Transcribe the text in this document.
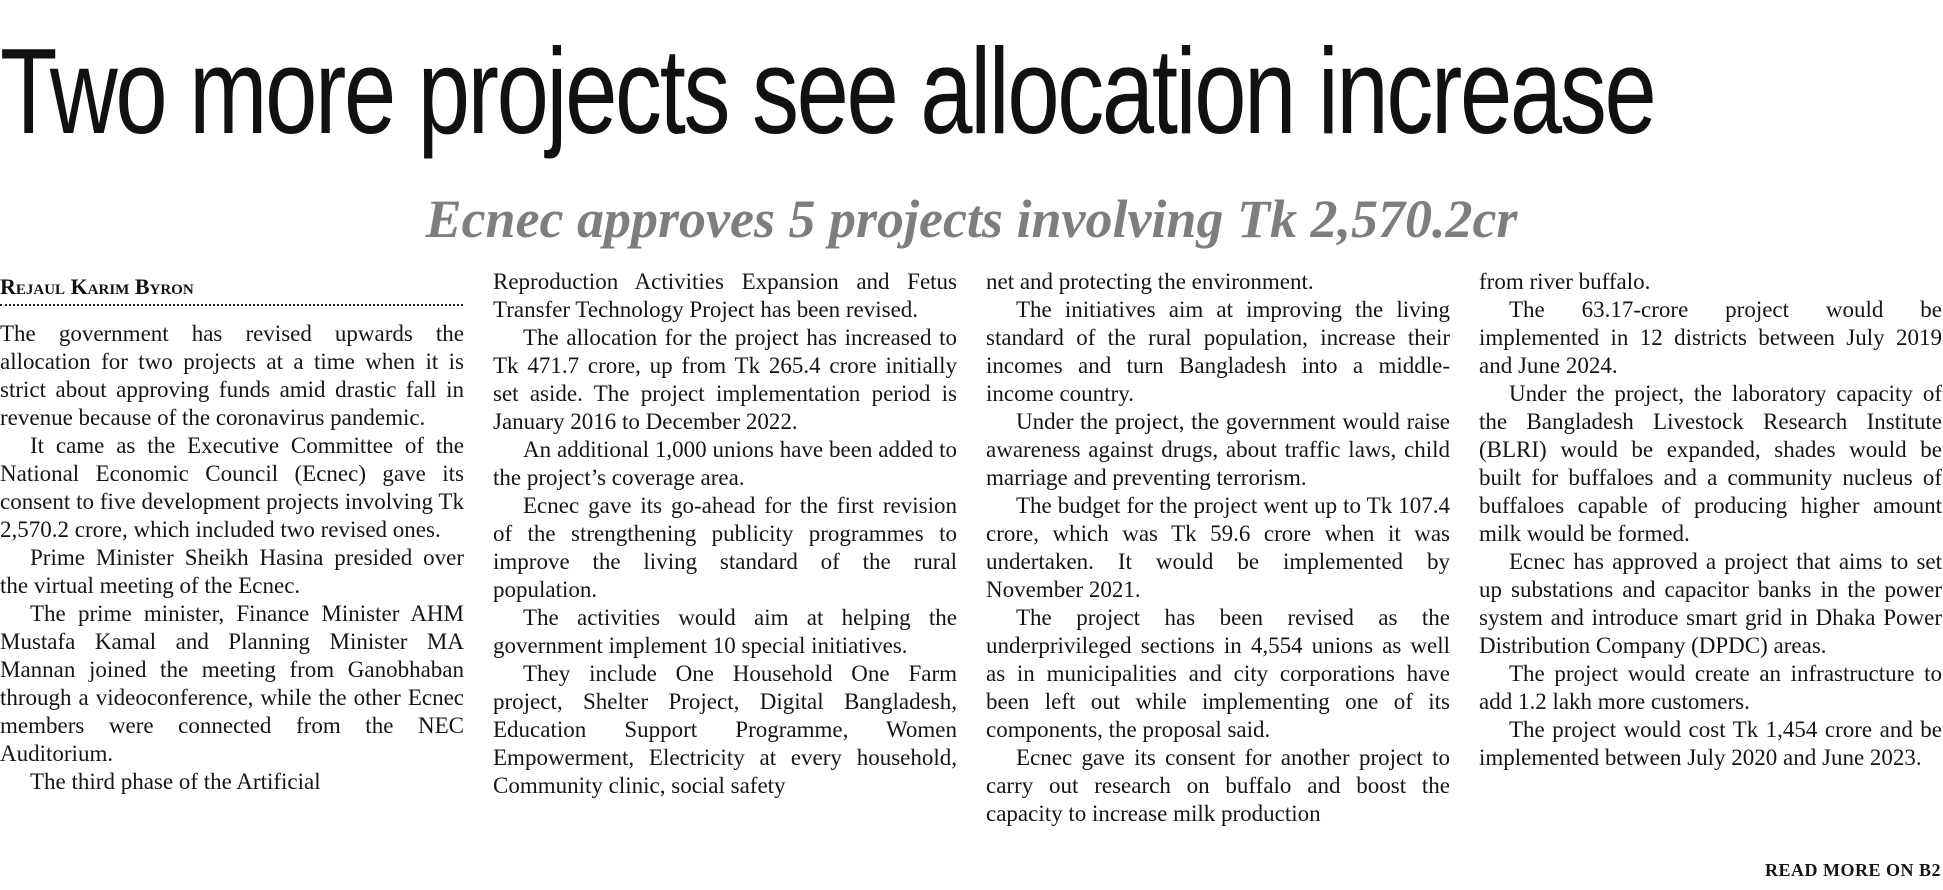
Two more projects see allocation increase
Ecnec approves 5 projects involving Tk 2,570.2cr
Rejaul Karim Byron

The government has revised upwards the allocation for two projects at a time when it is strict about approving funds amid drastic fall in revenue because of the coronavirus pandemic.

It came as the Executive Committee of the National Economic Council (Ecnec) gave its consent to five development projects involving Tk 2,570.2 crore, which included two revised ones.

Prime Minister Sheikh Hasina presided over the virtual meeting of the Ecnec.

The prime minister, Finance Minister AHM Mustafa Kamal and Planning Minister MA Mannan joined the meeting from Ganobhaban through a videoconference, while the other Ecnec members were connected from the NEC Auditorium.

The third phase of the Artificial

Reproduction Activities Expansion and Fetus Transfer Technology Project has been revised.

The allocation for the project has increased to Tk 471.7 crore, up from Tk 265.4 crore initially set aside. The project implementation period is January 2016 to December 2022.

An additional 1,000 unions have been added to the project’s coverage area.

Ecnec gave its go-ahead for the first revision of the strengthening publicity programmes to improve the living standard of the rural population.

The activities would aim at helping the government implement 10 special initiatives.

They include One Household One Farm project, Shelter Project, Digital Bangladesh, Education Support Programme, Women Empowerment, Electricity at every household, Community clinic, social safety

net and protecting the environment.

The initiatives aim at improving the living standard of the rural population, increase their incomes and turn Bangladesh into a middle-income country.

Under the project, the government would raise awareness against drugs, about traffic laws, child marriage and preventing terrorism.

The budget for the project went up to Tk 107.4 crore, which was Tk 59.6 crore when it was undertaken. It would be implemented by November 2021.

The project has been revised as the underprivileged sections in 4,554 unions as well as in municipalities and city corporations have been left out while implementing one of its components, the proposal said.

Ecnec gave its consent for another project to carry out research on buffalo and boost the capacity to increase milk production

from river buffalo.

The 63.17-crore project would be implemented in 12 districts between July 2019 and June 2024.

Under the project, the laboratory capacity of the Bangladesh Livestock Research Institute (BLRI) would be expanded, shades would be built for buffaloes and a community nucleus of buffaloes capable of producing higher amount milk would be formed.

Ecnec has approved a project that aims to set up substations and capacitor banks in the power system and introduce smart grid in Dhaka Power Distribution Company (DPDC) areas.

The project would create an infrastructure to add 1.2 lakh more customers.

The project would cost Tk 1,454 crore and be implemented between July 2020 and June 2023.

READ MORE ON B2
